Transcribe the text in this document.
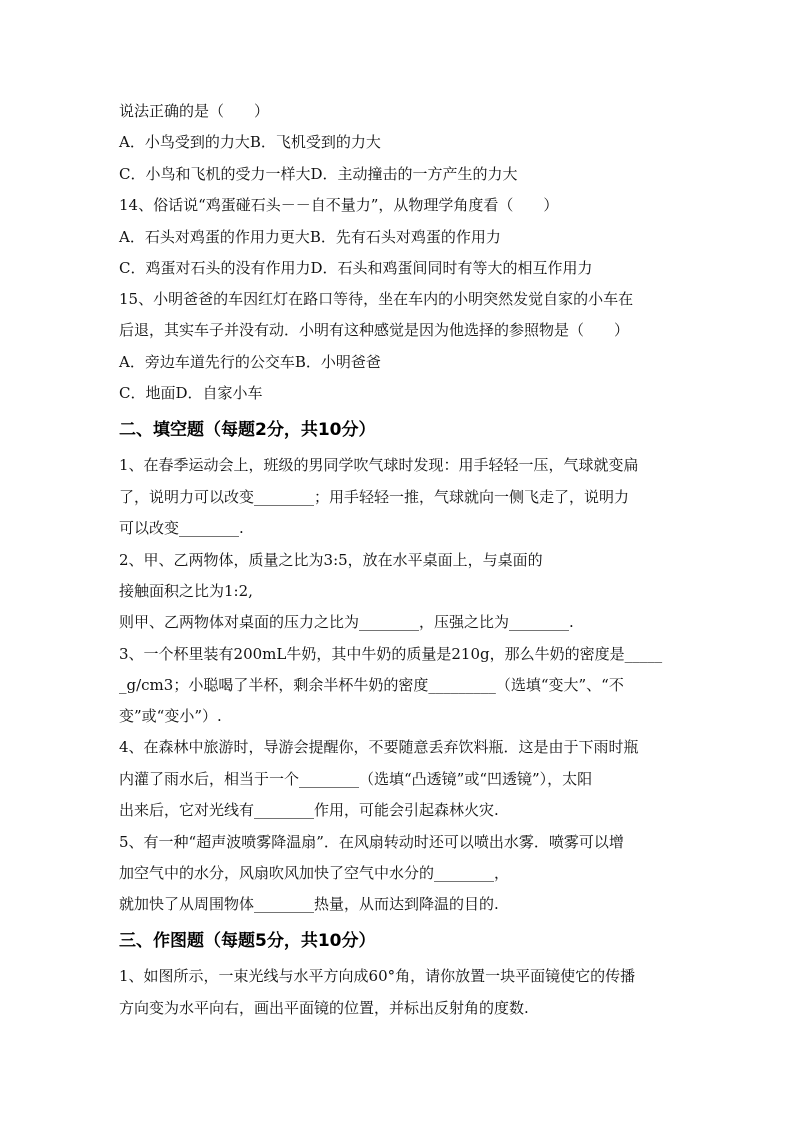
说法正确的是（　　）

A．小鸟受到的力大B．飞机受到的力大

C．小鸟和飞机的受力一样大D．主动撞击的一方产生的力大

14、俗话说“鸡蛋碰石头－－自不量力”，从物理学角度看（　　）

A．石头对鸡蛋的作用力更大B．先有石头对鸡蛋的作用力

C．鸡蛋对石头的没有作用力D．石头和鸡蛋间同时有等大的相互作用力

15、小明爸爸的车因红灯在路口等待，坐在车内的小明突然发觉自家的小车在

后退，其实车子并没有动．小明有这种感觉是因为他选择的参照物是（　　）

A．旁边车道先行的公交车B．小明爸爸

C．地面D．自家小车

二、填空题（每题2分，共10分）

1、在春季运动会上，班级的男同学吹气球时发现：用手轻轻一压，气球就变扁

了，说明力可以改变________；用手轻轻一推，气球就向一侧飞走了，说明力

可以改变________.

2、甲、乙两物体，质量之比为3:5，放在水平桌面上，与桌面的

接触面积之比为1:2,

则甲、乙两物体对桌面的压力之比为________，压强之比为________.

3、一个杯里装有200mL牛奶，其中牛奶的质量是210g，那么牛奶的密度是_____

_g/cm3；小聪喝了半杯，剩余半杯牛奶的密度_________（选填“变大”、“不

变”或“变小”）.

4、在森林中旅游时，导游会提醒你，不要随意丢弃饮料瓶．这是由于下雨时瓶

内灌了雨水后，相当于一个________（选填“凸透镜”或“凹透镜”），太阳

出来后，它对光线有________作用，可能会引起森林火灾.

5、有一种“超声波喷雾降温扇”．在风扇转动时还可以喷出水雾．喷雾可以增

加空气中的水分，风扇吹风加快了空气中水分的________，

就加快了从周围物体________热量，从而达到降温的目的.

三、作图题（每题5分，共10分）

1、如图所示，一束光线与水平方向成60°角，请你放置一块平面镜使它的传播

方向变为水平向右，画出平面镜的位置，并标出反射角的度数.
